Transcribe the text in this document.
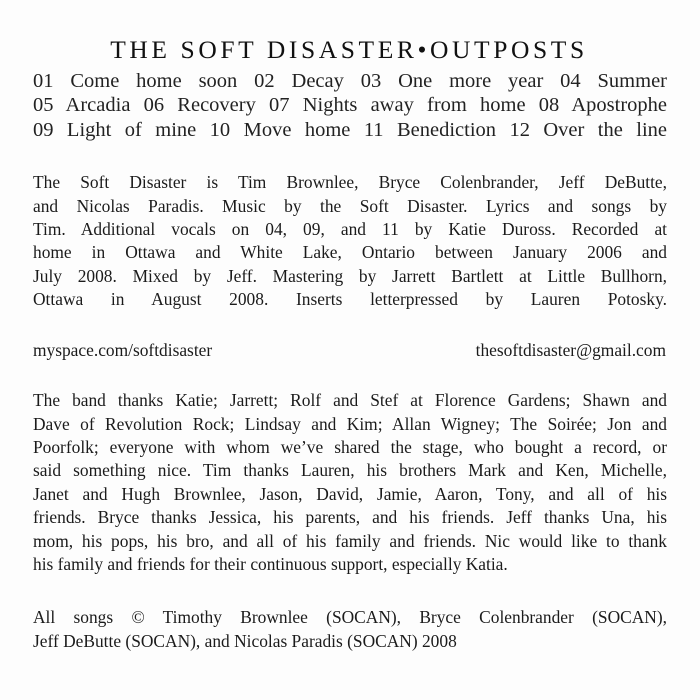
THE SOFT DISASTER•OUTPOSTS
01 Come home soon 02 Decay 03 One more year 04 Summer
05 Arcadia 06 Recovery 07 Nights away from home 08 Apostrophe
09 Light of mine 10 Move home 11 Benediction 12 Over the line
The Soft Disaster is Tim Brownlee, Bryce Colenbrander, Jeff DeButte,
and Nicolas Paradis. Music by the Soft Disaster. Lyrics and songs by
Tim. Additional vocals on 04, 09, and 11 by Katie Duross. Recorded at
home in Ottawa and White Lake, Ontario between January 2006 and
July 2008. Mixed by Jeff. Mastering by Jarrett Bartlett at Little Bullhorn,
Ottawa in August 2008. Inserts letterpressed by Lauren Potosky.
myspace.com/softdisaster	thesoftdisaster@gmail.com
The band thanks Katie; Jarrett; Rolf and Stef at Florence Gardens; Shawn and
Dave of Revolution Rock; Lindsay and Kim; Allan Wigney; The Soirée; Jon and
Poorfolk; everyone with whom we’ve shared the stage, who bought a record, or
said something nice. Tim thanks Lauren, his brothers Mark and Ken, Michelle,
Janet and Hugh Brownlee, Jason, David, Jamie, Aaron, Tony, and all of his
friends. Bryce thanks Jessica, his parents, and his friends. Jeff thanks Una, his
mom, his pops, his bro, and all of his family and friends. Nic would like to thank
his family and friends for their continuous support, especially Katia.
All songs © Timothy Brownlee (SOCAN), Bryce Colenbrander (SOCAN),
Jeff DeButte (SOCAN), and Nicolas Paradis (SOCAN) 2008
